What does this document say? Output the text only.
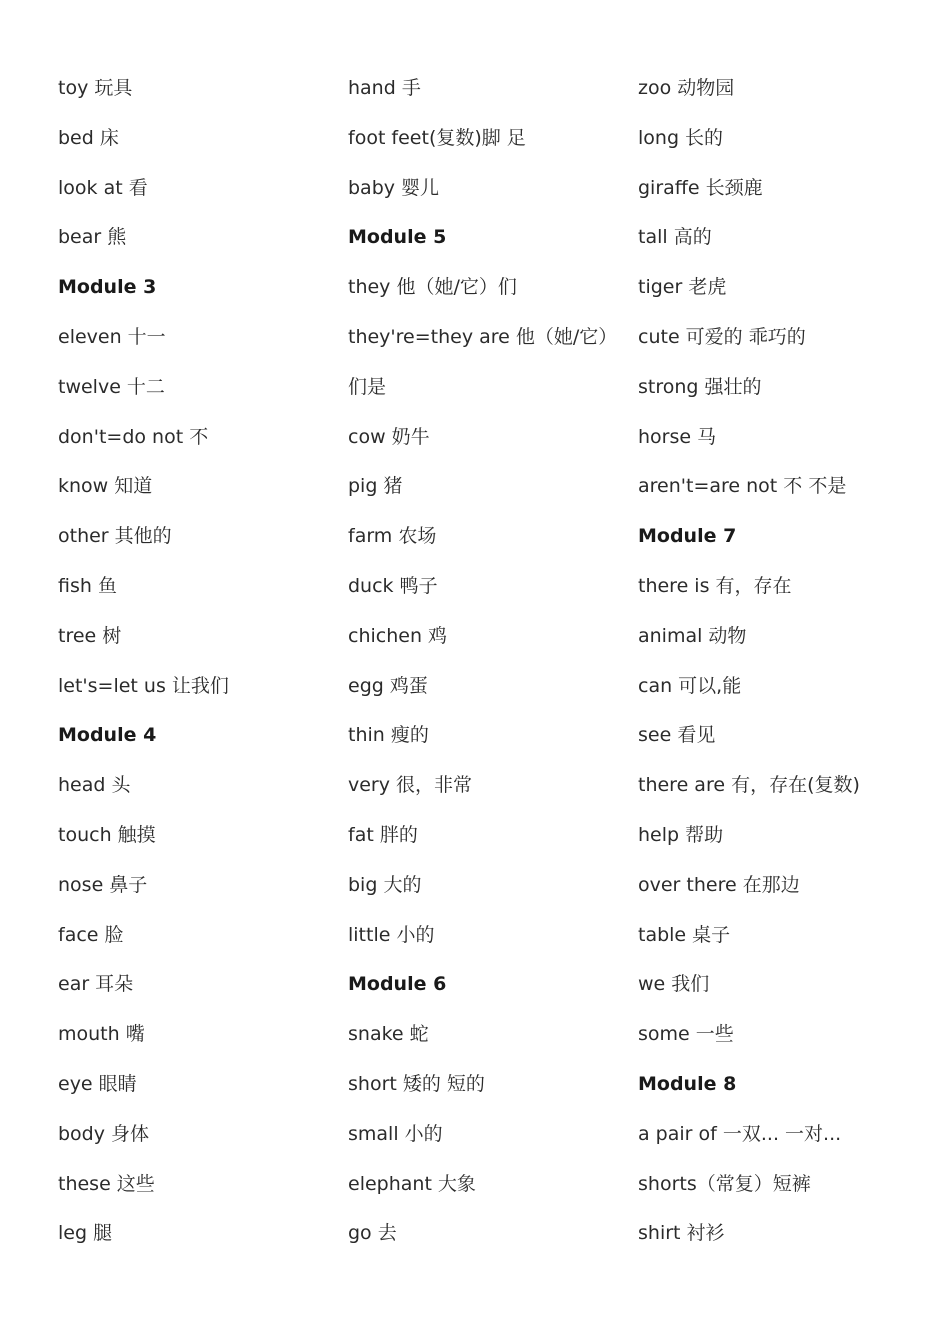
toy 玩具
bed 床
look at 看
bear 熊
Module 3
eleven 十一
twelve 十二
don't=do not 不
know 知道
other 其他的
fish 鱼
tree 树
let's=let us 让我们
Module 4
head 头
touch 触摸
nose 鼻子
face 脸
ear 耳朵
mouth 嘴
eye 眼睛
body 身体
these 这些
leg 腿
hand 手
foot feet(复数)脚 足
baby 婴儿
Module 5
they 他（她/它）们
they're=they are 他（她/它）
们是
cow 奶牛
pig 猪
farm 农场
duck 鸭子
chichen 鸡
egg 鸡蛋
thin 瘦的
very 很，非常
fat 胖的
big 大的
little 小的
Module 6
snake 蛇
short 矮的 短的
small 小的
elephant 大象
go 去
zoo 动物园
long 长的
giraffe 长颈鹿
tall 高的
tiger 老虎
cute 可爱的 乖巧的
strong 强壮的
horse 马
aren't=are not 不 不是
Module 7
there is 有，存在
animal 动物
can 可以,能
see 看见
there are 有，存在(复数)
help 帮助
over there 在那边
table 桌子
we 我们
some 一些
Module 8
a pair of 一双... 一对...
shorts（常复）短裤
shirt 衬衫
